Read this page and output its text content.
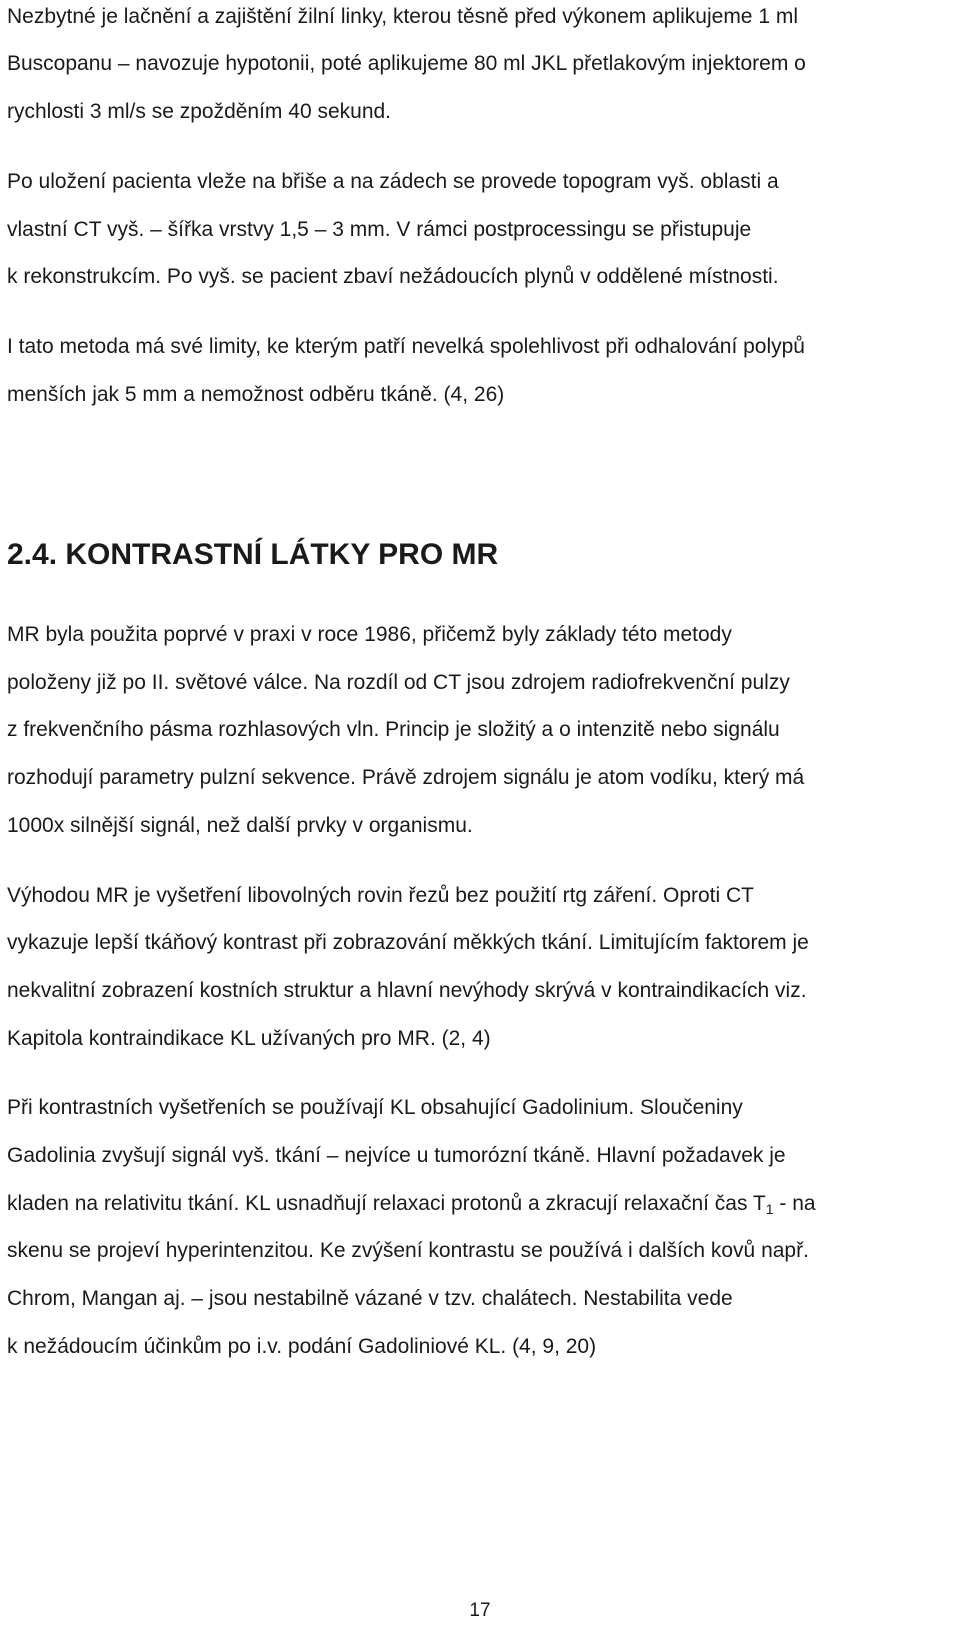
Nezbytné je lačnění a zajištění žilní linky, kterou těsně před výkonem aplikujeme 1 ml
Buscopanu – navozuje hypotonii, poté aplikujeme 80 ml JKL přetlakovým injektorem o
rychlosti 3 ml/s se zpožděním 40 sekund.
Po uložení pacienta vleže na břiše a na zádech se provede topogram vyš. oblasti a
vlastní CT vyš. – šířka vrstvy 1,5 – 3 mm. V rámci postprocessingu se přistupuje
k rekonstrukcím. Po vyš. se pacient zbaví nežádoucích plynů v oddělené místnosti.
I tato metoda má své limity, ke kterým patří nevelká spolehlivost při odhalování polypů
menších jak 5 mm a nemožnost odběru tkáně. (4, 26)
2.4. KONTRASTNÍ LÁTKY PRO MR
MR byla použita poprvé v praxi v roce 1986, přičemž byly základy této metody
položeny již po II. světové válce. Na rozdíl od CT jsou zdrojem radiofrekvenční pulzy
z frekvenčního pásma rozhlasových vln. Princip je složitý a o intenzitě nebo signálu
rozhodují parametry pulzní sekvence. Právě zdrojem signálu je atom vodíku, který má
1000x silnější signál, než další prvky v organismu.
Výhodou MR je vyšetření libovolných rovin řezů bez použití rtg záření. Oproti CT
vykazuje lepší tkáňový kontrast při zobrazování měkkých tkání. Limitujícím faktorem je
nekvalitní zobrazení kostních struktur a hlavní nevýhody skrývá v kontraindikacích viz.
Kapitola kontraindikace KL užívaných pro MR. (2, 4)
Při kontrastních vyšetřeních se používají KL obsahující Gadolinium. Sloučeniny
Gadolinia zvyšují signál vyš. tkání – nejvíce u tumorózní tkáně. Hlavní požadavek je
kladen na relativitu tkání. KL usnadňují relaxaci protonů a zkracují relaxační čas $T_1$ - na
skenu se projeví hyperintenzitou. Ke zvýšení kontrastu se používá i dalších kovů např.
Chrom, Mangan aj. – jsou nestabilně vázané v tzv. chalátech. Nestabilita vede
k nežádoucím účinkům po i.v. podání Gadoliniové KL. (4, 9, 20)
17
